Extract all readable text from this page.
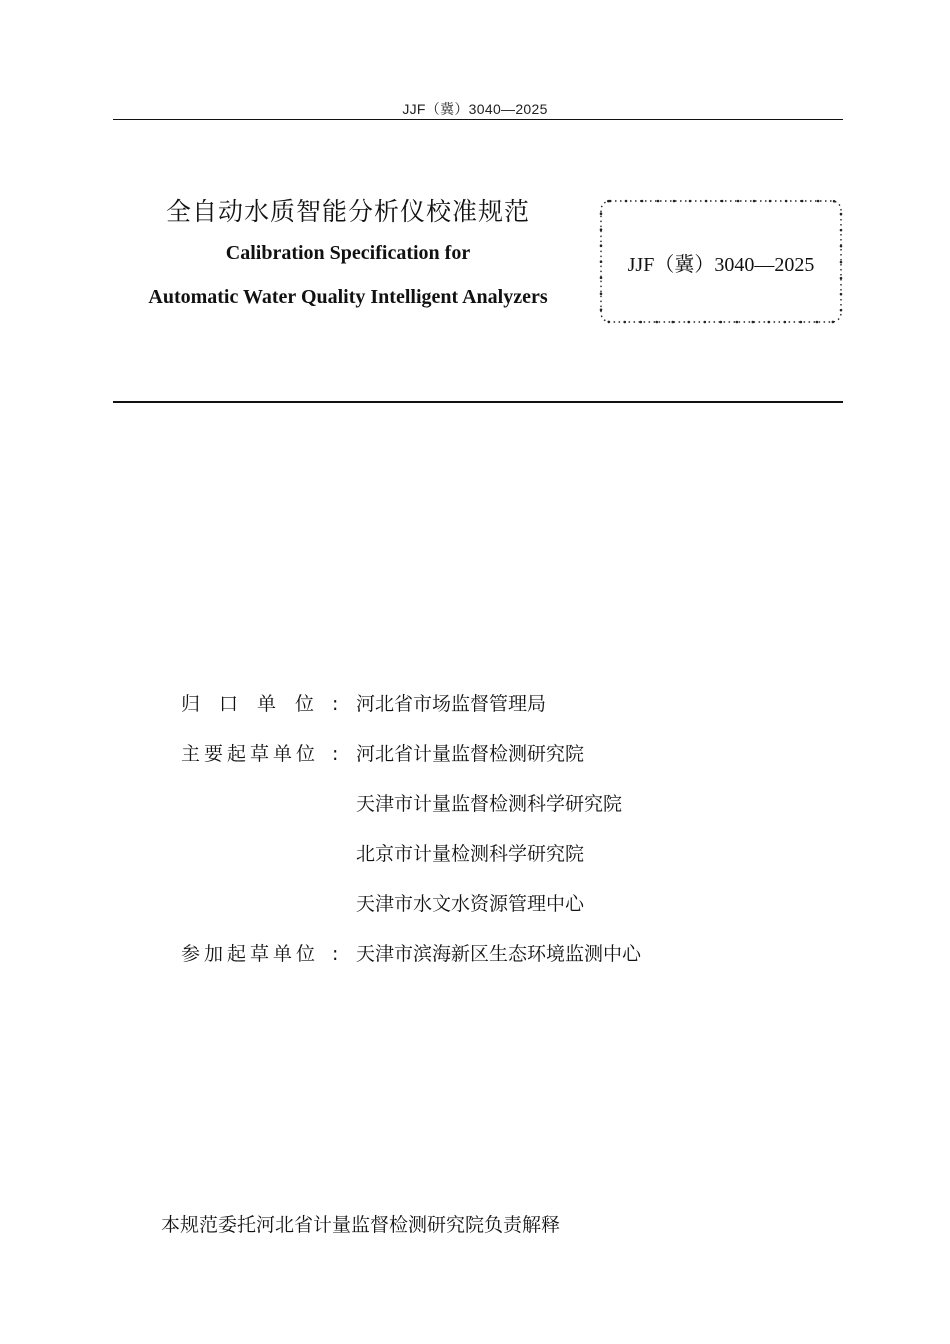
JJF（冀）3040—2025
全自动水质智能分析仪校准规范
Calibration Specification for
Automatic Water Quality Intelligent Analyzers
JJF（冀）3040—2025
归口单位
: 河北省市场监督管理局
主要起草单位 : 河北省计量监督检测研究院
天津市计量监督检测科学研究院
北京市计量检测科学研究院
天津市水文水资源管理中心
参加起草单位 : 天津市滨海新区生态环境监测中心
本规范委托河北省计量监督检测研究院负责解释
